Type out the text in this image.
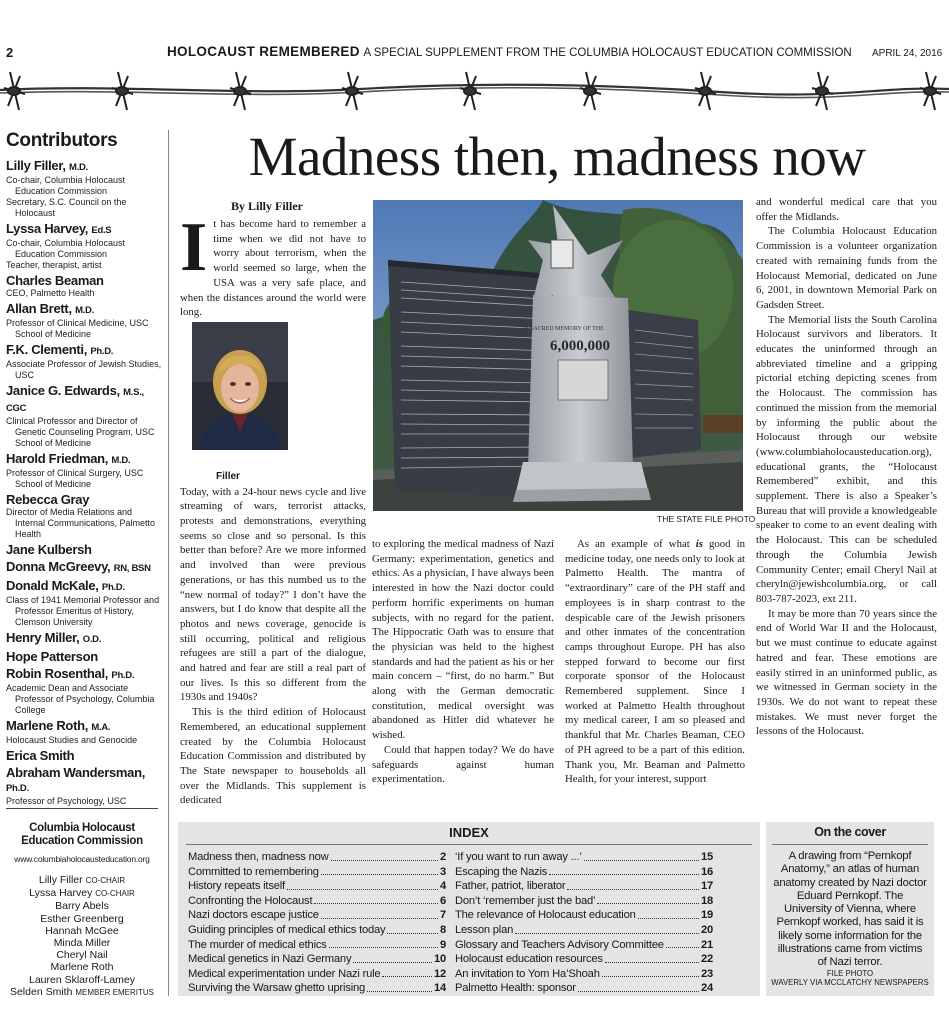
2	HOLOCAUST REMEMBERED A SPECIAL SUPPLEMENT FROM THE COLUMBIA HOLOCAUST EDUCATION COMMISSION APRIL 24, 2016
Contributors
Lilly Filler, M.D.
Co-chair, Columbia Holocaust Education Commission
Secretary, S.C. Council on the Holocaust
Lyssa Harvey, Ed.S
Co-chair, Columbia Holocaust Education Commission
Teacher, therapist, artist
Charles Beaman
CEO, Palmetto Health
Allan Brett, M.D.
Professor of Clinical Medicine, USC School of Medicine
F.K. Clementi, Ph.D.
Associate Professor of Jewish Studies, USC
Janice G. Edwards, M.S., CGC
Clinical Professor and Director of Genetic Counseling Program, USC School of Medicine
Harold Friedman, M.D.
Professor of Clinical Surgery, USC School of Medicine
Rebecca Gray
Director of Media Relations and Internal Communications, Palmetto Health
Jane Kulbersh
Donna McGreevy, RN, BSN
Donald McKale, Ph.D.
Class of 1941 Memorial Professor and Professor Emeritus of History, Clemson University
Henry Miller, O.D.
Hope Patterson
Robin Rosenthal, Ph.D.
Academic Dean and Associate Professor of Psychology, Columbia College
Marlene Roth, M.A.
Holocaust Studies and Genocide
Erica Smith
Abraham Wandersman, Ph.D.
Professor of Psychology, USC
Columbia Holocaust
Education Commission
www.columbiaholocausteducation.org
Lilly Filler CO-CHAIR
Lyssa Harvey CO-CHAIR
Barry Abels
Esther Greenberg
Hannah McGee
Minda Miller
Cheryl Nail
Marlene Roth
Lauren Sklaroff-Lamey
Selden Smith MEMBER EMERITUS
Madness then, madness now
By Lilly Filler
I t has become hard to remember a time when we did not have to worry about terrorism, when the world seemed so large, when the USA was a very safe place, and when the distances around the world were long.

Filler
Today, with a 24-hour news cycle and live streaming of wars, terrorist attacks, protests and demonstrations, everything seems so close and so personal. Is this better than before? Are we more informed and involved than were previous generations, or has this numbed us to the “new normal of today?” I don’t have the answers, but I do know that despite all the photos and news coverage, genocide is still occurring, political and religious refugees are still a part of the dialogue, and hatred and fear are still a real part of our lives. Is this so different from the 1930s and 1940s?

This is the third edition of Holocaust Remembered, an educational supplement created by the Columbia Holocaust Education Commission and distributed by The State newspaper to households all over the Midlands. This supplement is dedicated

IN SACRED MEMORY OF THE
6,000,000
THE STATE FILE PHOTO

to exploring the medical madness of Nazi Germany: experimentation, genetics and ethics. As a physician, I have always been interested in how the Nazi doctor could perform horrific experiments on human subjects, with no regard for the patient. The Hippocratic Oath was to ensure that the physician was held to the highest standards and had the patient as his or her main concern – “first, do no harm.” But along with the German democratic constitution, medical oversight was abandoned as Hitler did whatever he wished.

Could that happen today? We do have safeguards against human experimentation.

As an example of what is good in medicine today, one needs only to look at Palmetto Health. The mantra of “extraordinary” care of the PH staff and employees is in sharp contrast to the despicable care of the Jewish prisoners and other inmates of the concentration camps throughout Europe. PH has also stepped forward to become our first corporate sponsor of the Holocaust Remembered supplement. Since I worked at Palmetto Health throughout my medical career, I am so pleased and thankful that Mr. Charles Beaman, CEO of PH agreed to be a part of this edition. Thank you, Mr. Beaman and Palmetto Health, for your interest, support

and wonderful medical care that you offer the Midlands.

The Columbia Holocaust Education Commission is a volunteer organization created with remaining funds from the Holocaust Memorial, dedicated on June 6, 2001, in downtown Memorial Park on Gadsden Street.

The Memorial lists the South Carolina Holocaust survivors and liberators. It educates the uninformed through an abbreviated timeline and a gripping pictorial etching depicting scenes from the Holocaust. The commission has continued the mission from the memorial by informing the public about the Holocaust through our website (www.columbiaholocausteducation.org), educational grants, the “Holocaust Remembered” exhibit, and this supplement. There is also a Speaker’s Bureau that will provide a knowledgeable speaker to come to an event dealing with the Holocaust. This can be scheduled through the Columbia Jewish Community Center; email Cheryl Nail at cheryln@jewishcolumbia.org, or call 803-787-2023, ext 211.

It may be more than 70 years since the end of World War II and the Holocaust, but we must continue to educate against hatred and fear. These emotions are easily stirred in an uninformed public, as we witnessed in German society in the 1930s. We do not want to repeat these mistakes. We must never forget the lessons of the Holocaust.

INDEX
Madness then, madness now	2
Committed to remembering	3
History repeats itself	4
Confronting the Holocaust	6
Nazi doctors escape justice	7
Guiding principles of medical ethics today	8
The murder of medical ethics	9
Medical genetics in Nazi Germany	10
Medical experimentation under Nazi rule	12
Surviving the Warsaw ghetto uprising	14
‘If you want to run away ...’	15
Escaping the Nazis	16
Father, patriot, liberator	17
Don’t ‘remember just the bad’	18
The relevance of Holocaust education	19
Lesson plan	20
Glossary and Teachers Advisory Committee	21
Holocaust education resources	22
An invitation to Yom Ha’Shoah	23
Palmetto Health: sponsor	24
On the cover
A drawing from “Pernkopf Anatomy,” an atlas of human anatomy created by Nazi doctor Eduard Pernkopf. The University of Vienna, where Pernkopf worked, has said it is likely some information for the illustrations came from victims of Nazi terror.
FILE PHOTO
WAVERLY VIA MCCLATCHY NEWSPAPERS
